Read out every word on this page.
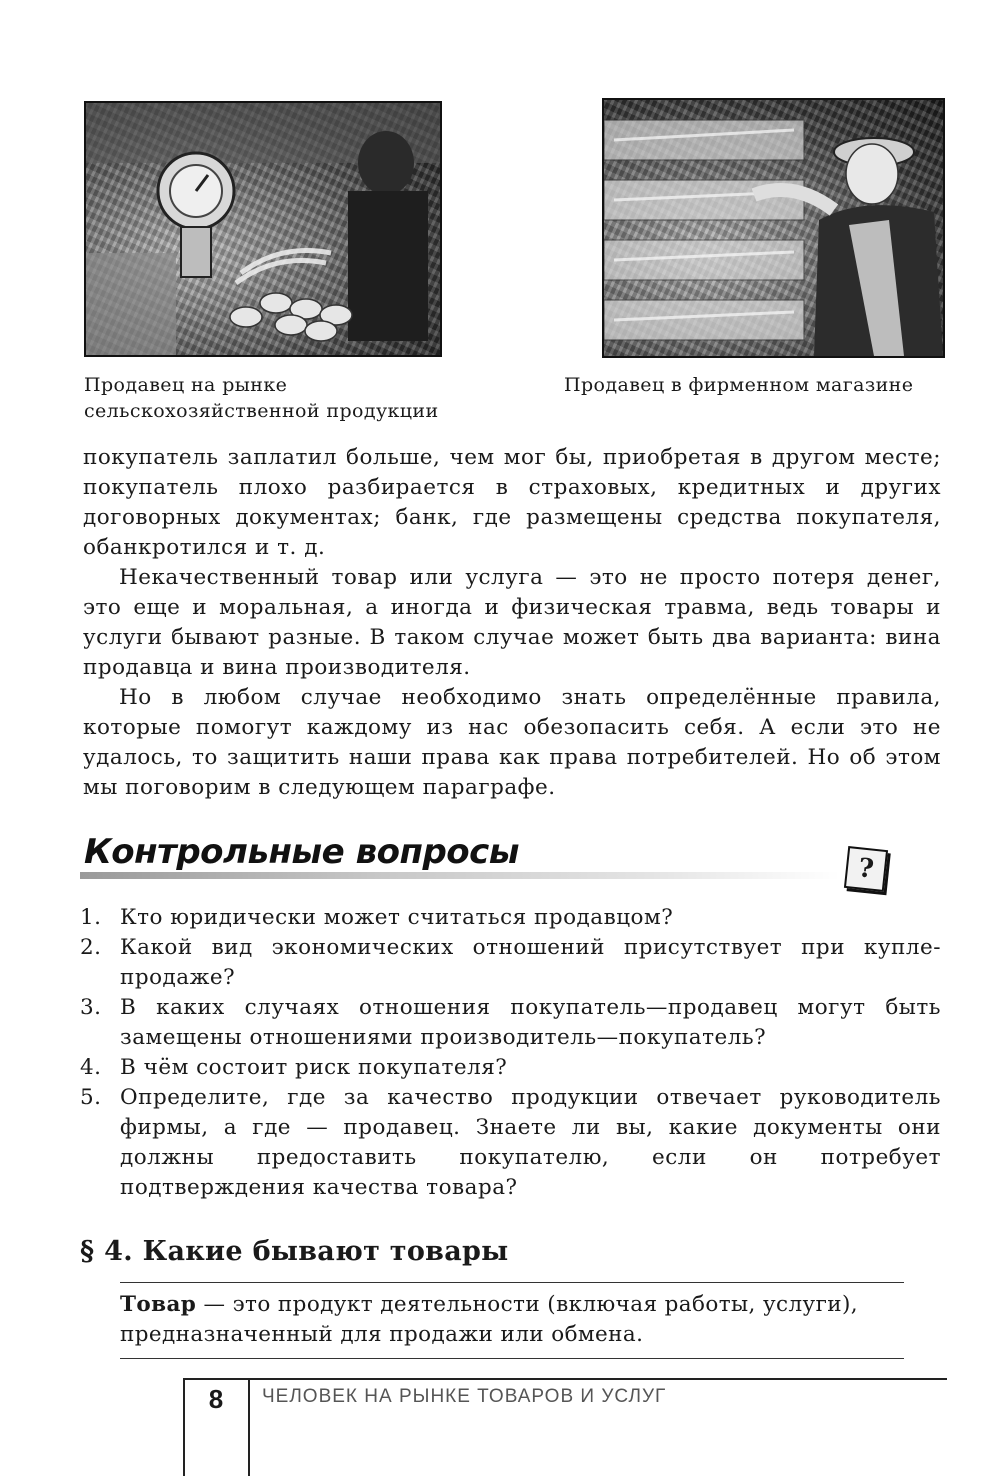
Продавец на рынке
сельскохозяйственной продукции
Продавец в фирменном магазине

покупатель заплатил больше, чем мог бы, приобретая в другом месте; покупатель плохо разбирается в страховых, кредитных и других договорных документах; банк, где размещены средства покупателя, обанкротился и т. д.

Некачественный товар или услуга — это не просто потеря денег, это еще и моральная, а иногда и физическая травма, ведь товары и услуги бывают разные. В таком случае может быть два варианта: вина продавца и вина производителя.

Но в любом случае необходимо знать определённые правила, которые помогут каждому из нас обезопасить себя. А если это не удалось, то защитить наши права как права потребителей. Но об этом мы поговорим в следующем параграфе.

Контрольные вопросы	?
1. Кто юридически может считаться продавцом?
2. Какой вид экономических отношений присутствует при купле-продаже?
3. В каких случаях отношения покупатель—продавец могут быть замещены отношениями производитель—покупатель?
4. В чём состоит риск покупателя?
5. Определите, где за качество продукции отвечает руководитель фирмы, а где — продавец. Знаете ли вы, какие документы они должны предоставить покупателю, если он потребует подтверждения качества товара?
§ 4. Какие бывают товары
Товар — это продукт деятельности (включая работы, услуги), предназначенный для продажи или обмена.
8	ЧЕЛОВЕК НА РЫНКЕ ТОВАРОВ И УСЛУГ
